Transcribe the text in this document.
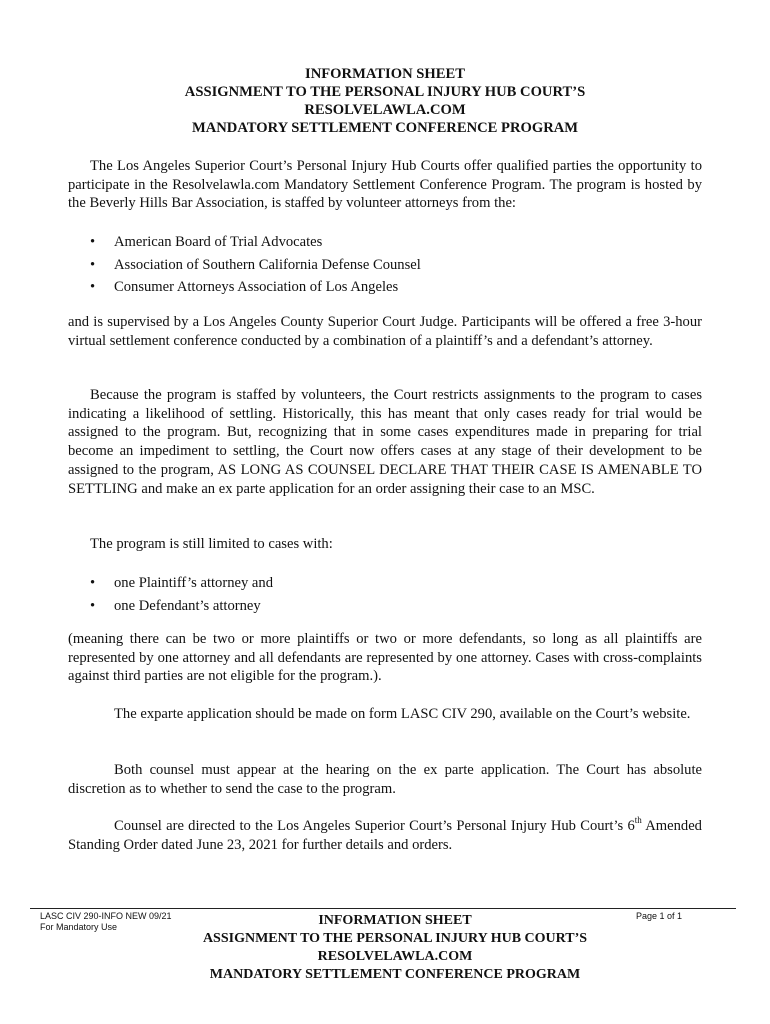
INFORMATION SHEET
ASSIGNMENT TO THE PERSONAL INJURY HUB COURT’S
RESOLVELAWLA.COM
MANDATORY SETTLEMENT CONFERENCE PROGRAM
The Los Angeles Superior Court’s Personal Injury Hub Courts offer qualified parties the opportunity to participate in the Resolvelawla.com Mandatory Settlement Conference Program. The program is hosted by the Beverly Hills Bar Association, is staffed by volunteer attorneys from the:
• American Board of Trial Advocates
• Association of Southern California Defense Counsel
• Consumer Attorneys Association of Los Angeles
and is supervised by a Los Angeles County Superior Court Judge. Participants will be offered a free 3-hour virtual settlement conference conducted by a combination of a plaintiff’s and a defendant’s attorney.
Because the program is staffed by volunteers, the Court restricts assignments to the program to cases indicating a likelihood of settling. Historically, this has meant that only cases ready for trial would be assigned to the program. But, recognizing that in some cases expenditures made in preparing for trial become an impediment to settling, the Court now offers cases at any stage of their development to be assigned to the program, AS LONG AS COUNSEL DECLARE THAT THEIR CASE IS AMENABLE TO SETTLING and make an ex parte application for an order assigning their case to an MSC.
The program is still limited to cases with:
• one Plaintiff’s attorney and
• one Defendant’s attorney
(meaning there can be two or more plaintiffs or two or more defendants, so long as all plaintiffs are represented by one attorney and all defendants are represented by one attorney. Cases with cross-complaints against third parties are not eligible for the program.).
The exparte application should be made on form LASC CIV 290, available on the Court’s website.
Both counsel must appear at the hearing on the ex parte application. The Court has absolute discretion as to whether to send the case to the program.
Counsel are directed to the Los Angeles Superior Court’s Personal Injury Hub Court’s 6th Amended Standing Order dated June 23, 2021 for further details and orders.
LASC CIV 290-INFO NEW 09/21
For Mandatory Use
Page 1 of 1
INFORMATION SHEET
ASSIGNMENT TO THE PERSONAL INJURY HUB COURT’S
RESOLVELAWLA.COM
MANDATORY SETTLEMENT CONFERENCE PROGRAM
